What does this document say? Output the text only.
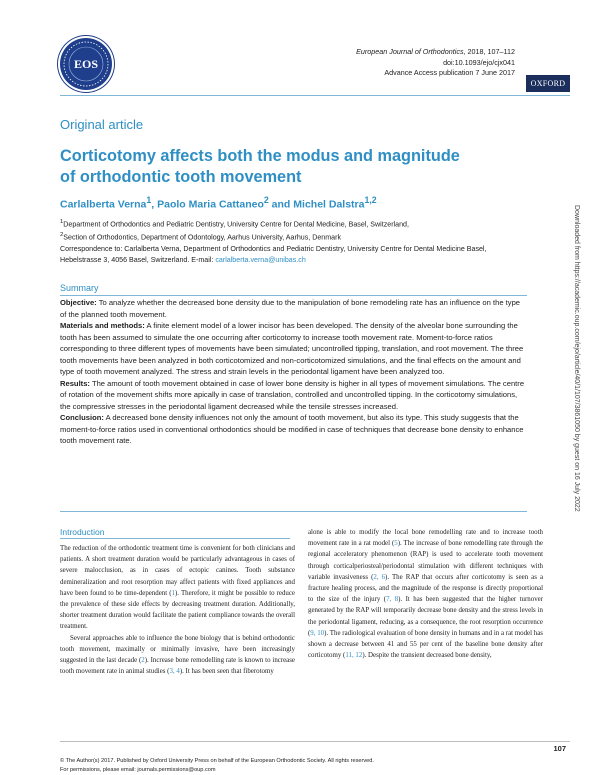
EOS
European Journal of Orthodontics, 2018, 107–112
doi:10.1093/ejo/cjx041
Advance Access publication 7 June 2017
OXFORD
Original article
Corticotomy affects both the modus and magnitude of orthodontic tooth movement
Carlalberta Verna$^1$, Paolo Maria Cattaneo$^2$ and Michel Dalstra$^{1,2}$
$^1$Department of Orthodontics and Pediatric Dentistry, University Centre for Dental Medicine, Basel, Switzerland,
$^2$Section of Orthodontics, Department of Odontology, Aarhus University, Aarhus, Denmark
Correspondence to: Carlalberta Verna, Department of Orthodontics and Pediatric Dentistry, University Centre for Dental Medicine Basel, Hebelstrasse 3, 4056 Basel, Switzerland. E-mail: carlalberta.verna@unibas.ch
Summary

Objective: To analyze whether the decreased bone density due to the manipulation of bone remodeling rate has an influence on the type of the planned tooth movement.

Materials and methods: A finite element model of a lower incisor has been developed. The density of the alveolar bone surrounding the tooth has been assumed to simulate the one occurring after corticotomy to increase tooth movement rate. Moment-to-force ratios corresponding to three different types of movements have been simulated; uncontrolled tipping, translation, and root movement. The three tooth movements have been analyzed in both corticotomized and non-corticotomized simulations, and the final effects on the amount and type of tooth movement analyzed. The stress and strain levels in the periodontal ligament have been analyzed too.

Results: The amount of tooth movement obtained in case of lower bone density is higher in all types of movement simulations. The centre of rotation of the movement shifts more apically in case of translation, controlled and uncontrolled tipping. In the corticotomy simulations, the compressive stresses in the periodontal ligament decreased while the tensile stresses increased.

Conclusion: A decreased bone density influences not only the amount of tooth movement, but also its type. This study suggests that the moment-to-force ratios used in conventional orthodontics should be modified in case of techniques that decrease bone density to enhance tooth movement rate.

Introduction

The reduction of the orthodontic treatment time is convenient for both clinicians and patients. A short treatment duration would be particularly advantageous in cases of severe malocclusion, as in cases of ectopic canines. Tooth substance demineralization and root resorption may affect patients with fixed appliances and have been found to be time-dependent (1). Therefore, it might be possible to reduce the prevalence of these side effects by decreasing treatment duration. Additionally, shorter treatment duration would facilitate the patient compliance towards the overall treatment.

Several approaches able to influence the bone biology that is behind orthodontic tooth movement, maximally or minimally invasive, have been increasingly suggested in the last decade (2). Increase bone remodelling rate is known to increase tooth movement rate in animal studies (3, 4). It has been seen that fiberotomy

alone is able to modify the local bone remodelling rate and to increase tooth movement rate in a rat model (5). The increase of bone remodelling rate through the regional acceleratory phenomenon (RAP) is used to accelerate tooth movement through corticalperiosteal/periodontal stimulation with different techniques with variable invasiveness (2, 6). The RAP that occurs after corticotomy is seen as a fracture healing process, and the magnitude of the response is directly proportional to the size of the injury (7, 8). It has been suggested that the higher turnover generated by the RAP will temporarily decrease bone density and the stress levels in the periodontal ligament, reducing, as a consequence, the root resorption occurrence (9, 10). The radiological evaluation of bone density in humans and in a rat model has shown a decrease between 41 and 55 per cent of the baseline bone density after corticotomy (11, 12). Despite the transient decreased bone density,

© The Author(s) 2017. Published by Oxford University Press on behalf of the European Orthodontic Society. All rights reserved.
For permissions, please email: journals.permissions@oup.com
107
Downloaded from https://academic.oup.com/ejo/article/40/1/107/3861050 by guest on 16 July 2022
